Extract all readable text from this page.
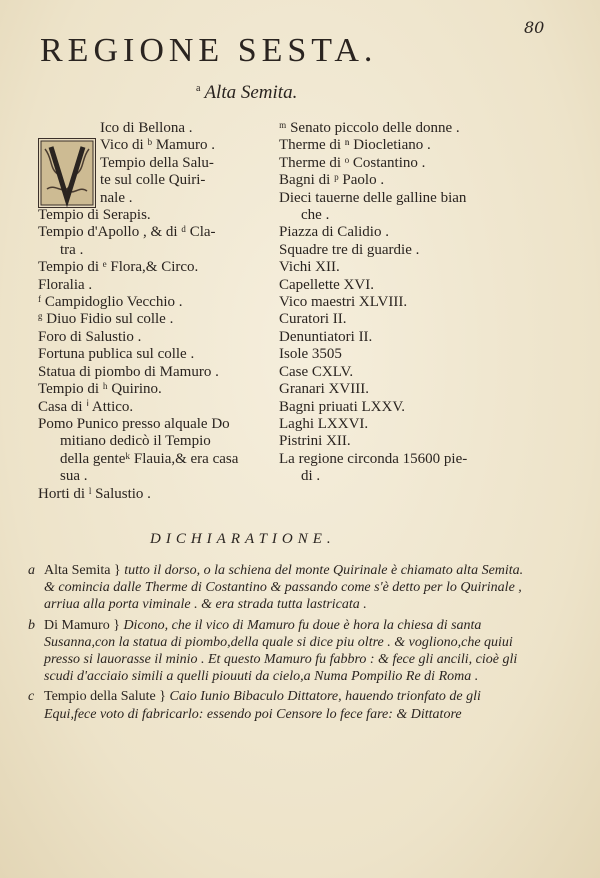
80
REGIONE SESTA.
$^a$ Alta Semita.
Ico di Bellona .
Vico di ᵇ Mamuro .
Tempio della Salu-
te sul colle Quiri-
nale .
Tempio di Serapis.
Tempio d'Apollo , & di ᵈ Cla-
tra .
Tempio di ᵉ Flora,& Circo.
Floralia .
ᶠ Campidoglio Vecchio .
ᵍ Diuo Fidio sul colle .
Foro di Salustio .
Fortuna publica sul colle .
Statua di piombo di Mamuro .
Tempio di ʰ Quirino.
Casa di ⁱ Attico.
Pomo Punico presso alquale Do
mitiano dedicò il Tempio
della genteᵏ Flauia,& era casa
sua .
Horti di ˡ Salustio .
ᵐ Senato piccolo delle donne .
Therme di ⁿ Diocletiano .
Therme di ᵒ Costantino .
Bagni di ᵖ Paolo .
Dieci tauerne delle galline bian
che .
Piazza di Calidio .
Squadre tre di guardie .
Vichi XII.
Capellette XVI.
Vico maestri XLVIII.
Curatori II.
Denuntiatori II.
Isole 3505
Case CXLV.
Granari XVIII.
Bagni priuati LXXV.
Laghi LXXVI.
Pistrini XII.
La regione circonda 15600 pie-
di .
DICHIARATIONE.
a Alta Semita } tutto il dorso, o la schiena del monte Quirinale è chiamato alta Semita. & comincia dalle Therme di Costantino & passando come s'è detto per lo Quirinale , arriua alla porta viminale . & era strada tutta lastricata .
b Di Mamuro } Dicono, che il vico di Mamuro fu doue è hora la chiesa di santa Susanna,con la statua di piombo,della quale si dice piu oltre . & vogliono,che quiui presso si lauorasse il minio . Et questo Mamuro fu fabbro : & fece gli ancili, cioè gli scudi d'acciaio simili a quelli piouuti da cielo,a Numa Pompilio Re di Roma .
c Tempio della Salute } Caio Iunio Bibaculo Dittatore, hauendo trionfato de gli Equi,fece voto di fabricarlo: essendo poi Censore lo fece fare: & Dittatore
